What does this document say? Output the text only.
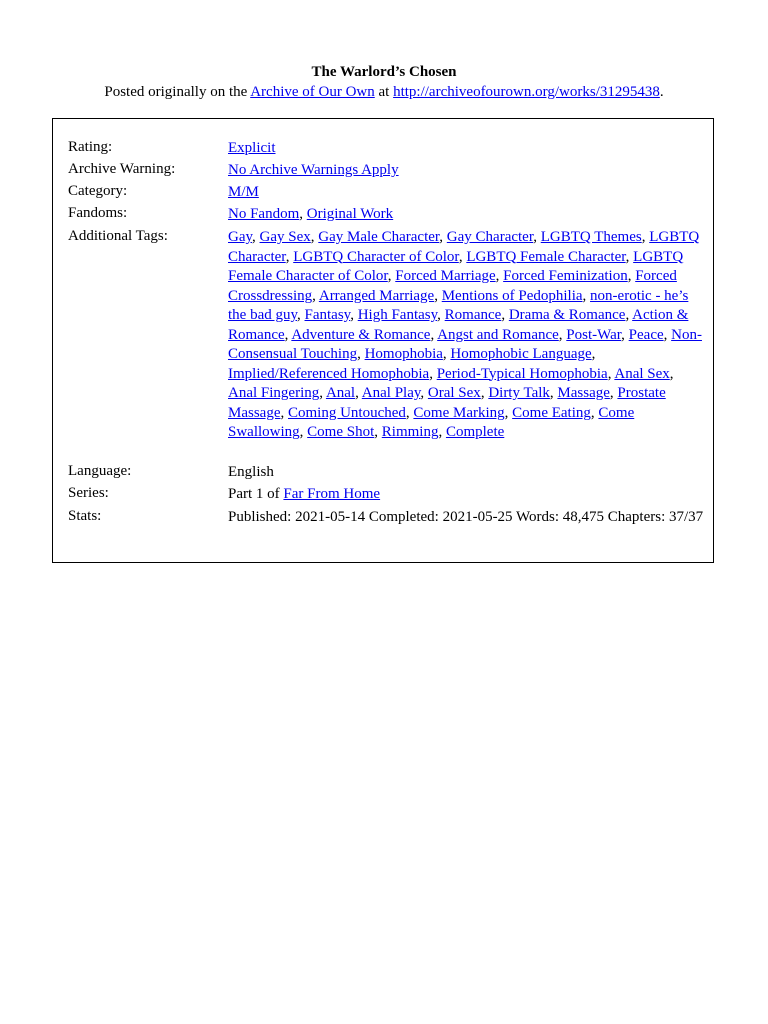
The Warlord’s Chosen
Posted originally on the Archive of Our Own at http://archiveofourown.org/works/31295438.
Rating:	Explicit
Archive Warning:	No Archive Warnings Apply
Category:	M/M
Fandoms:	No Fandom, Original Work
Additional Tags:	Gay, Gay Sex, Gay Male Character, Gay Character, LGBTQ Themes, LGBTQ Character, LGBTQ Character of Color, LGBTQ Female Character, LGBTQ Female Character of Color, Forced Marriage, Forced Feminization, Forced Crossdressing, Arranged Marriage, Mentions of Pedophilia, non-erotic - he’s the bad guy, Fantasy, High Fantasy, Romance, Drama & Romance, Action & Romance, Adventure & Romance, Angst and Romance, Post-War, Peace, Non-Consensual Touching, Homophobia, Homophobic Language, Implied/Referenced Homophobia, Period-Typical Homophobia, Anal Sex, Anal Fingering, Anal, Anal Play, Oral Sex, Dirty Talk, Massage, Prostate Massage, Coming Untouched, Come Marking, Come Eating, Come Swallowing, Come Shot, Rimming, Complete
Language:	English
Series:	Part 1 of Far From Home
Stats:	Published: 2021-05-14 Completed: 2021-05-25 Words: 48,475 Chapters: 37/37
